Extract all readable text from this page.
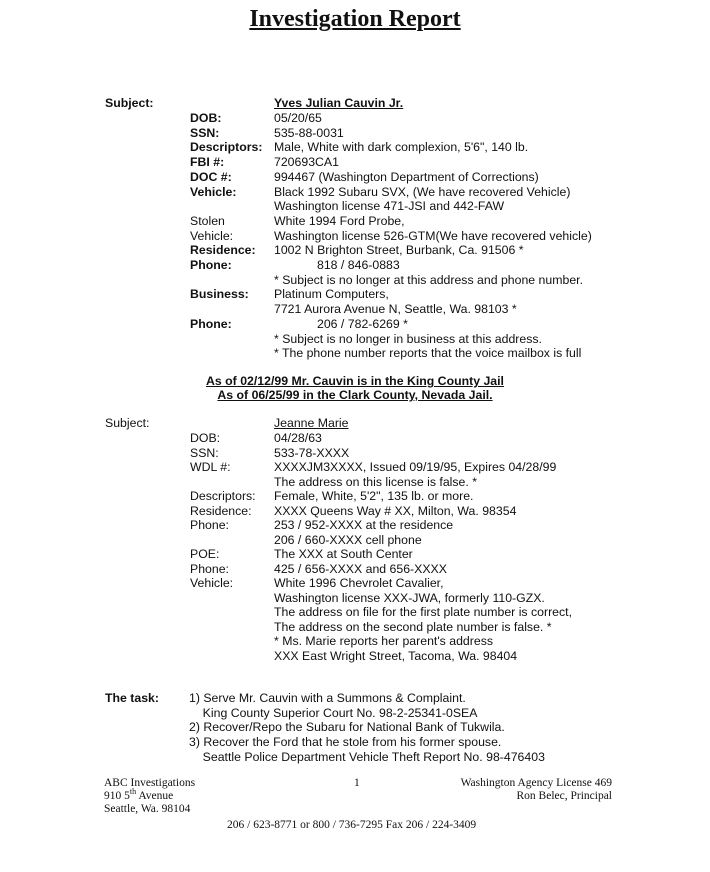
Investigation Report
Subject:	Yves Julian Cauvin Jr.
DOB:	05/20/65
SSN:	535-88-0031
Descriptors: Male, White with dark complexion, 5'6", 140 lb.
FBI #:	720693CA1
DOC #:	994467 (Washington Department of Corrections)
Vehicle:	Black 1992 Subaru SVX, (We have recovered Vehicle)
Washington license 471-JSI and 442-FAW
Stolen	White 1994 Ford Probe,
Vehicle:	Washington license 526-GTM(We have recovered vehicle)
Residence: 1002 N Brighton Street, Burbank, Ca. 91506 *
Phone:	818 / 846-0883
* Subject is no longer at this address and phone number.
Business: Platinum Computers,
7721 Aurora Avenue N, Seattle, Wa. 98103 *
Phone:	206 / 782-6269 *
* Subject is no longer in business at this address.
* The phone number reports that the voice mailbox is full
As of 02/12/99 Mr. Cauvin is in the King County Jail
As of 06/25/99 in the Clark County, Nevada Jail.
Subject:	Jeanne Marie
DOB:	04/28/63
SSN:	533-78-XXXX
WDL #:	XXXXJM3XXXX, Issued 09/19/95, Expires 04/28/99
The address on this license is false. *
Descriptors: Female, White, 5'2", 135 lb. or more.
Residence: XXXX Queens Way # XX, Milton, Wa. 98354
Phone:	253 / 952-XXXX at the residence
206 / 660-XXXX cell phone
POE:	The XXX at South Center
Phone:	425 / 656-XXXX and 656-XXXX
Vehicle:	White 1996 Chevrolet Cavalier,
Washington license XXX-JWA, formerly 110-GZX.
The address on file for the first plate number is correct,
The address on the second plate number is false. *
* Ms. Marie reports her parent's address
XXX East Wright Street, Tacoma, Wa. 98404
The task: 1) Serve Mr. Cauvin with a Summons & Complaint.
King County Superior Court No. 98-2-25341-0SEA
2) Recover/Repo the Subaru for National Bank of Tukwila.
3) Recover the Ford that he stole from his former spouse.
Seattle Police Department Vehicle Theft Report No. 98-476403
ABC Investigations
910 5th Avenue
Seattle, Wa. 98104
1	Washington Agency License 469
Ron Belec, Principal
206 / 623-8771 or 800 / 736-7295 Fax 206 / 224-3409
